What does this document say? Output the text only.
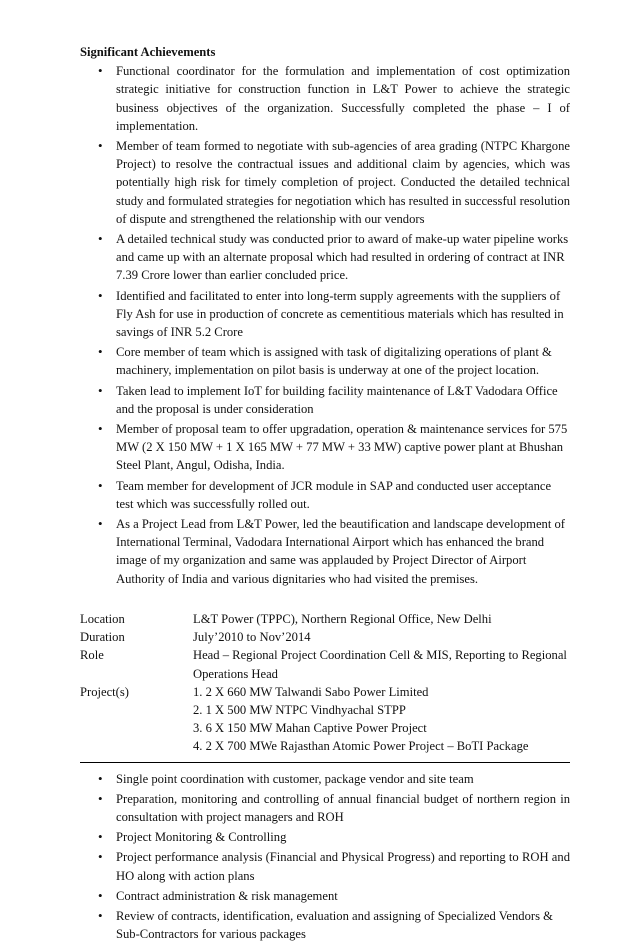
Significant Achievements
• Functional coordinator for the formulation and implementation of cost optimization strategic initiative for construction function in L&T Power to achieve the strategic business objectives of the organization. Successfully completed the phase – I of implementation.
• Member of team formed to negotiate with sub-agencies of area grading (NTPC Khargone Project) to resolve the contractual issues and additional claim by agencies, which was potentially high risk for timely completion of project. Conducted the detailed technical study and formulated strategies for negotiation which has resulted in successful resolution of dispute and strengthened the relationship with our vendors
• A detailed technical study was conducted prior to award of make-up water pipeline works and came up with an alternate proposal which had resulted in ordering of contract at INR 7.39 Crore lower than earlier concluded price.
• Identified and facilitated to enter into long-term supply agreements with the suppliers of Fly Ash for use in production of concrete as cementitious materials which has resulted in savings of INR 5.2 Crore
• Core member of team which is assigned with task of digitalizing operations of plant & machinery, implementation on pilot basis is underway at one of the project location.
• Taken lead to implement IoT for building facility maintenance of L&T Vadodara Office and the proposal is under consideration
• Member of proposal team to offer upgradation, operation & maintenance services for 575 MW (2 X 150 MW + 1 X 165 MW + 77 MW + 33 MW) captive power plant at Bhushan Steel Plant, Angul, Odisha, India.
• Team member for development of JCR module in SAP and conducted user acceptance test which was successfully rolled out.
• As a Project Lead from L&T Power, led the beautification and landscape development of International Terminal, Vadodara International Airport which has enhanced the brand image of my organization and same was applauded by Project Director of Airport Authority of India and various dignitaries who had visited the premises.
Location	L&T Power (TPPC), Northern Regional Office, New Delhi
Duration	July’2010 to Nov’2014
Role	Head – Regional Project Coordination Cell & MIS, Reporting to Regional Operations Head
Project(s)	1. 2 X 660 MW Talwandi Sabo Power Limited
2. 1 X 500 MW NTPC Vindhyachal STPP
3. 6 X 150 MW Mahan Captive Power Project
4. 2 X 700 MWe Rajasthan Atomic Power Project – BoTI Package
• Single point coordination with customer, package vendor and site team
• Preparation, monitoring and controlling of annual financial budget of northern region in consultation with project managers and ROH
• Project Monitoring & Controlling
• Project performance analysis (Financial and Physical Progress) and reporting to ROH and HO along with action plans
• Contract administration & risk management
• Review of contracts, identification, evaluation and assigning of Specialized Vendors & Sub-Contractors for various packages
